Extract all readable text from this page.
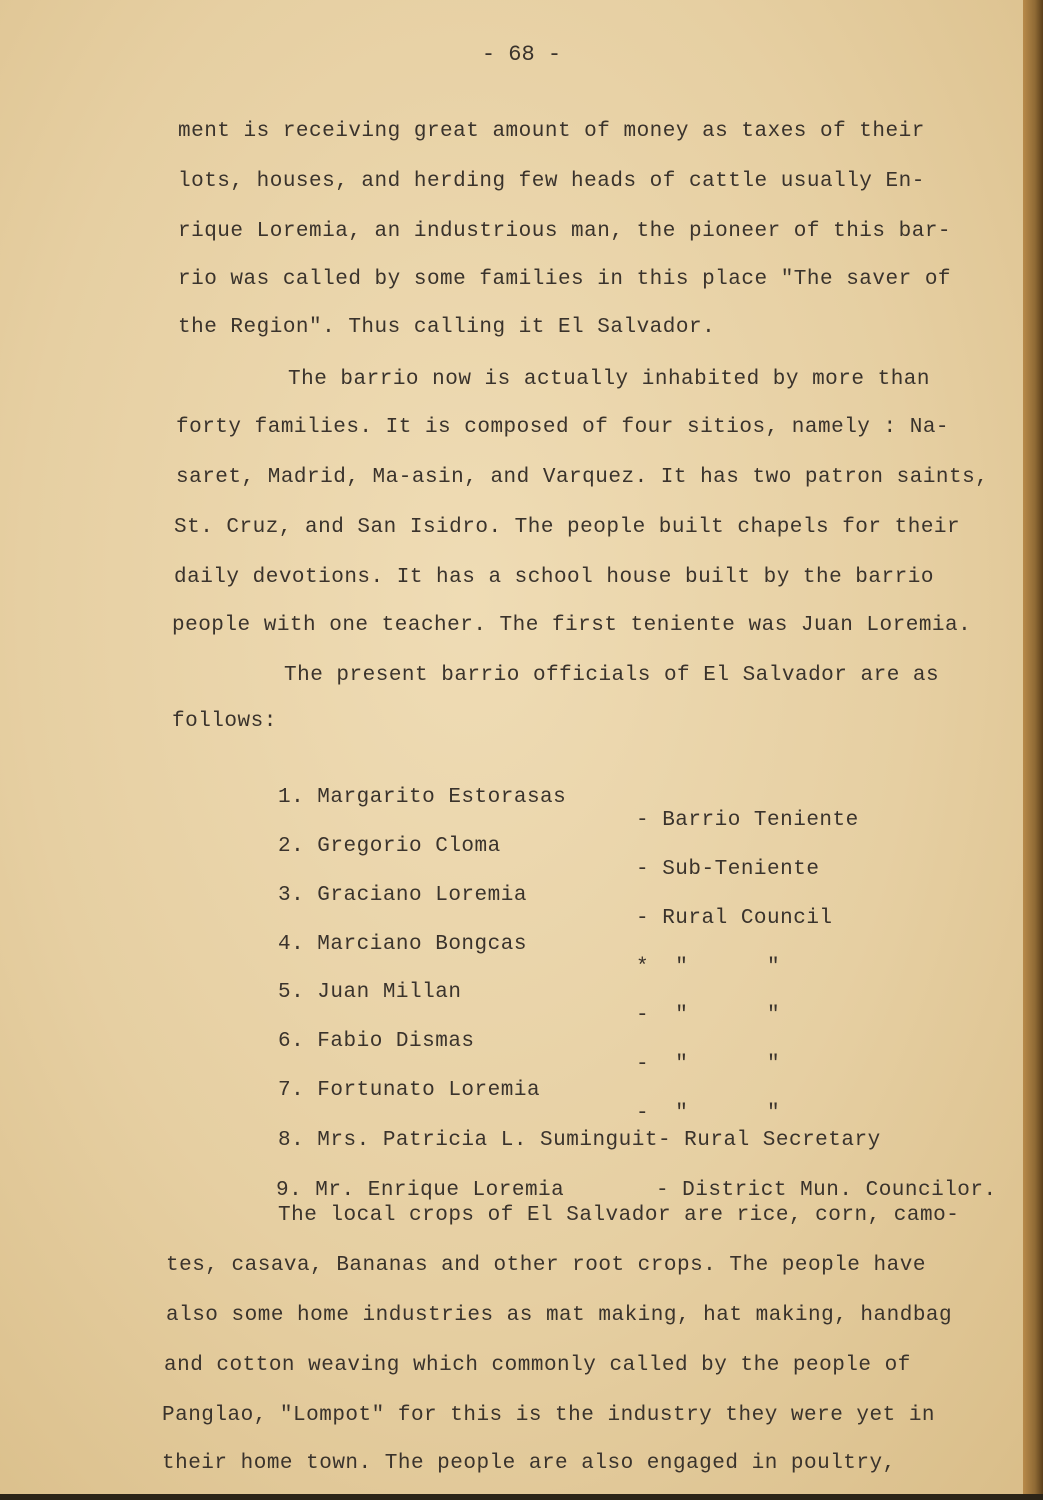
- 68 -
ment is receiving great amount of money as taxes of their
lots, houses, and herding few heads of cattle usually En-
rique Loremia, an industrious man, the pioneer of this bar-
rio was called by some families in this place "The saver of
the Region". Thus calling it El Salvador.
The barrio now is actually inhabited by more than
forty families. It is composed of four sitios, namely : Na-
saret, Madrid, Ma-asin, and Varquez. It has two patron saints,
St. Cruz, and San Isidro. The people built chapels for their
daily devotions. It has a school house built by the barrio
people with one teacher. The first teniente was Juan Loremia.
The present barrio officials of El Salvador are as
follows:

1. Margarito Estorasas

- Barrio Teniente

2. Gregorio Cloma

- Sub-Teniente

3. Graciano Loremia

- Rural Council

4. Marciano Bongcas

*  "      "

5. Juan Millan

-  "      "

6. Fabio Dismas

-  "      "

7. Fortunato Loremia

-  "      "

8. Mrs. Patricia L. Suminguit- Rural Secretary

9. Mr. Enrique Loremia       - District Mun. Councilor.

The local crops of El Salvador are rice, corn, camo-
tes, casava, Bananas and other root crops. The people have
also some home industries as mat making, hat making, handbag
and cotton weaving which commonly called by the people of
Panglao, "Lompot" for this is the industry they were yet in
their home town. The people are also engaged in poultry,
